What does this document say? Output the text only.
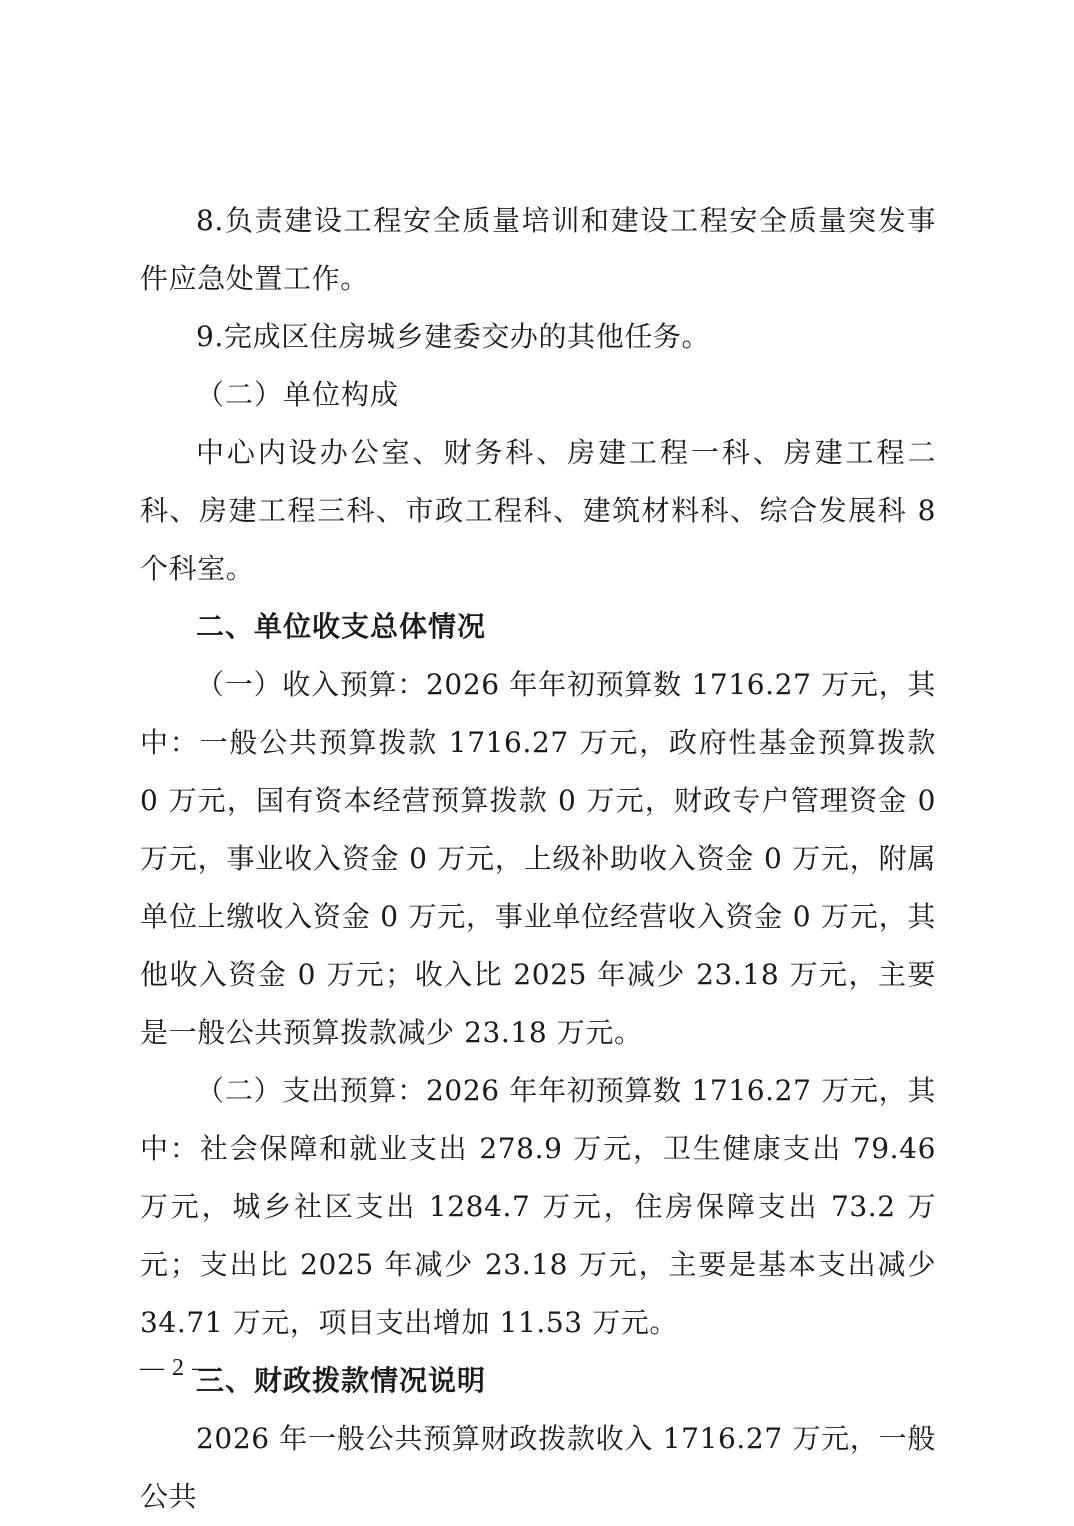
8.负责建设工程安全质量培训和建设工程安全质量突发事件应急处置工作。

9.完成区住房城乡建委交办的其他任务。

（二）单位构成

中心内设办公室、财务科、房建工程一科、房建工程二科、房建工程三科、市政工程科、建筑材料科、综合发展科 8 个科室。

二、单位收支总体情况

（一）收入预算：2026 年年初预算数 1716.27 万元，其中：一般公共预算拨款 1716.27 万元，政府性基金预算拨款 0 万元，国有资本经营预算拨款 0 万元，财政专户管理资金 0 万元，事业收入资金 0 万元，上级补助收入资金 0 万元，附属单位上缴收入资金 0 万元，事业单位经营收入资金 0 万元，其他收入资金 0 万元；收入比 2025 年减少 23.18 万元，主要是一般公共预算拨款减少 23.18 万元。

（二）支出预算：2026 年年初预算数 1716.27 万元，其中：社会保障和就业支出 278.9 万元，卫生健康支出 79.46 万元，城乡社区支出 1284.7 万元，住房保障支出 73.2 万元；支出比 2025 年减少 23.18 万元，主要是基本支出减少 34.71 万元，项目支出增加 11.53 万元。

三、财政拨款情况说明

2026 年一般公共预算财政拨款收入 1716.27 万元，一般公共

— 2 —
